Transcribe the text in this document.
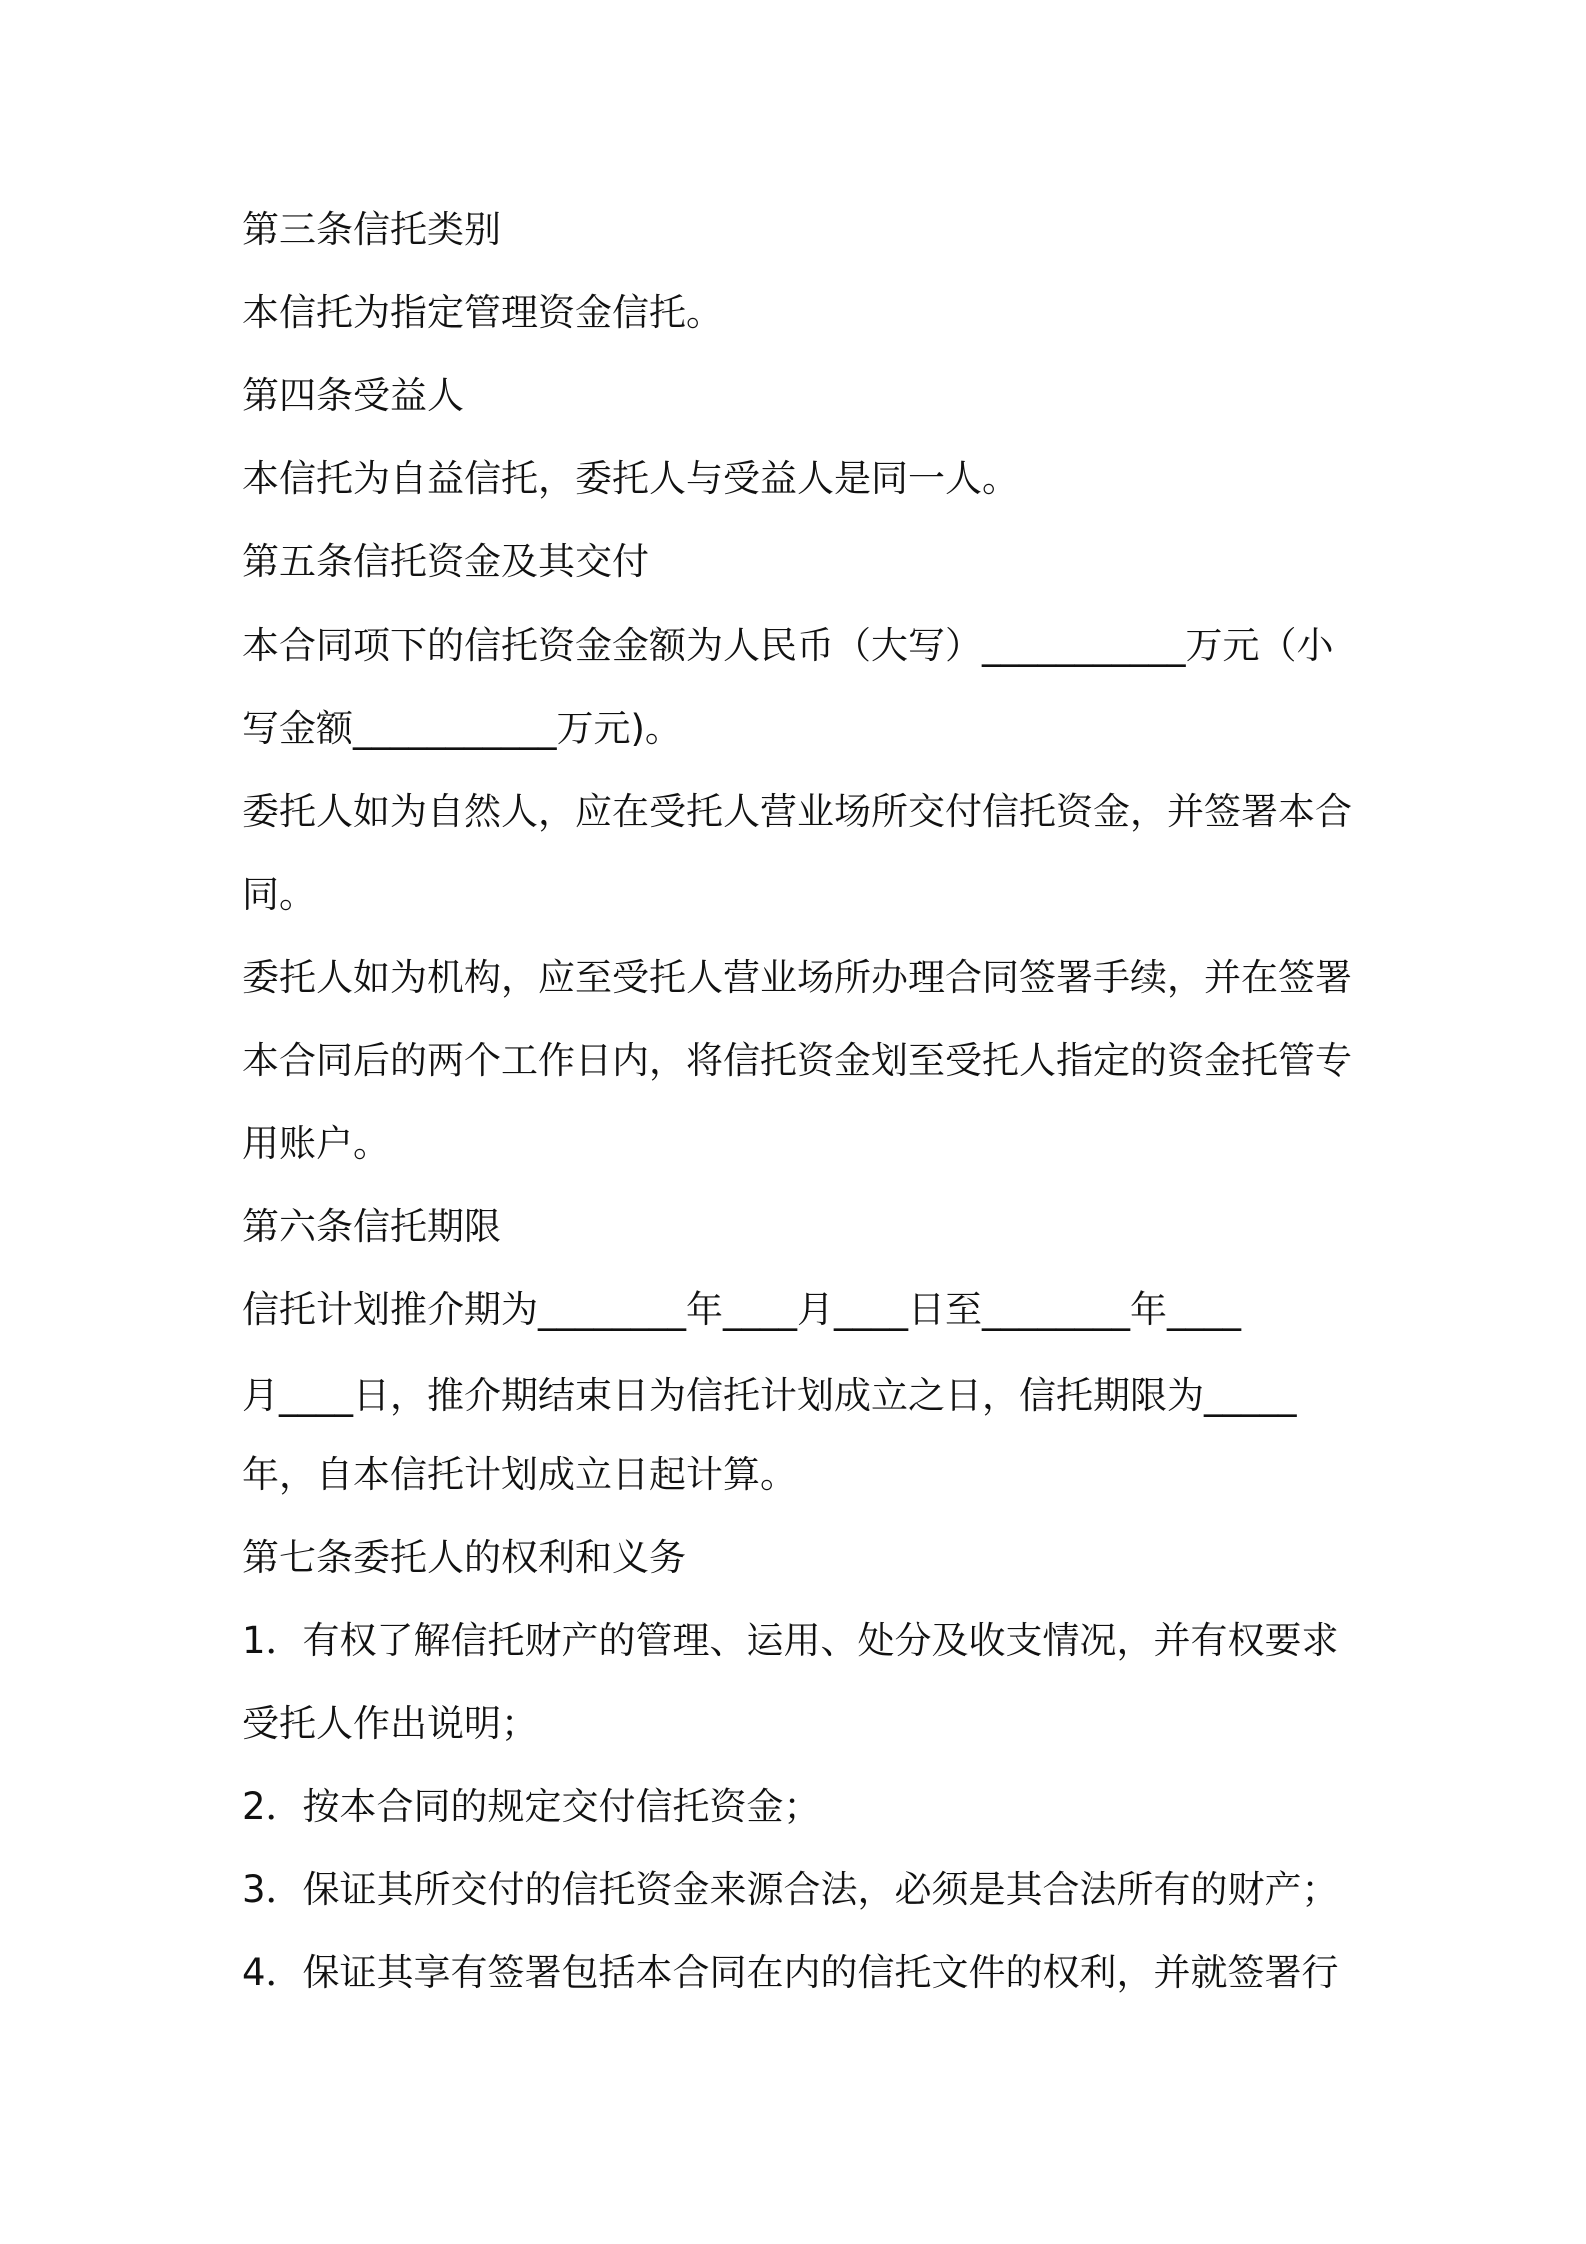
第三条信托类别
本信托为指定管理资金信托。
第四条受益人
本信托为自益信托，委托人与受益人是同一人。
第五条信托资金及其交付
本合同项下的信托资金金额为人民币（大写）___________万元（小
写金额___________万元)。
委托人如为自然人，应在受托人营业场所交付信托资金，并签署本合
同。
委托人如为机构，应至受托人营业场所办理合同签署手续，并在签署
本合同后的两个工作日内，将信托资金划至受托人指定的资金托管专
用账户。
第六条信托期限
信托计划推介期为________年____月____日至________年____
月____日，推介期结束日为信托计划成立之日，信托期限为_____
年，自本信托计划成立日起计算。
第七条委托人的权利和义务
1．有权了解信托财产的管理、运用、处分及收支情况，并有权要求
受托人作出说明；
2．按本合同的规定交付信托资金；
3．保证其所交付的信托资金来源合法，必须是其合法所有的财产；
4．保证其享有签署包括本合同在内的信托文件的权利，并就签署行
